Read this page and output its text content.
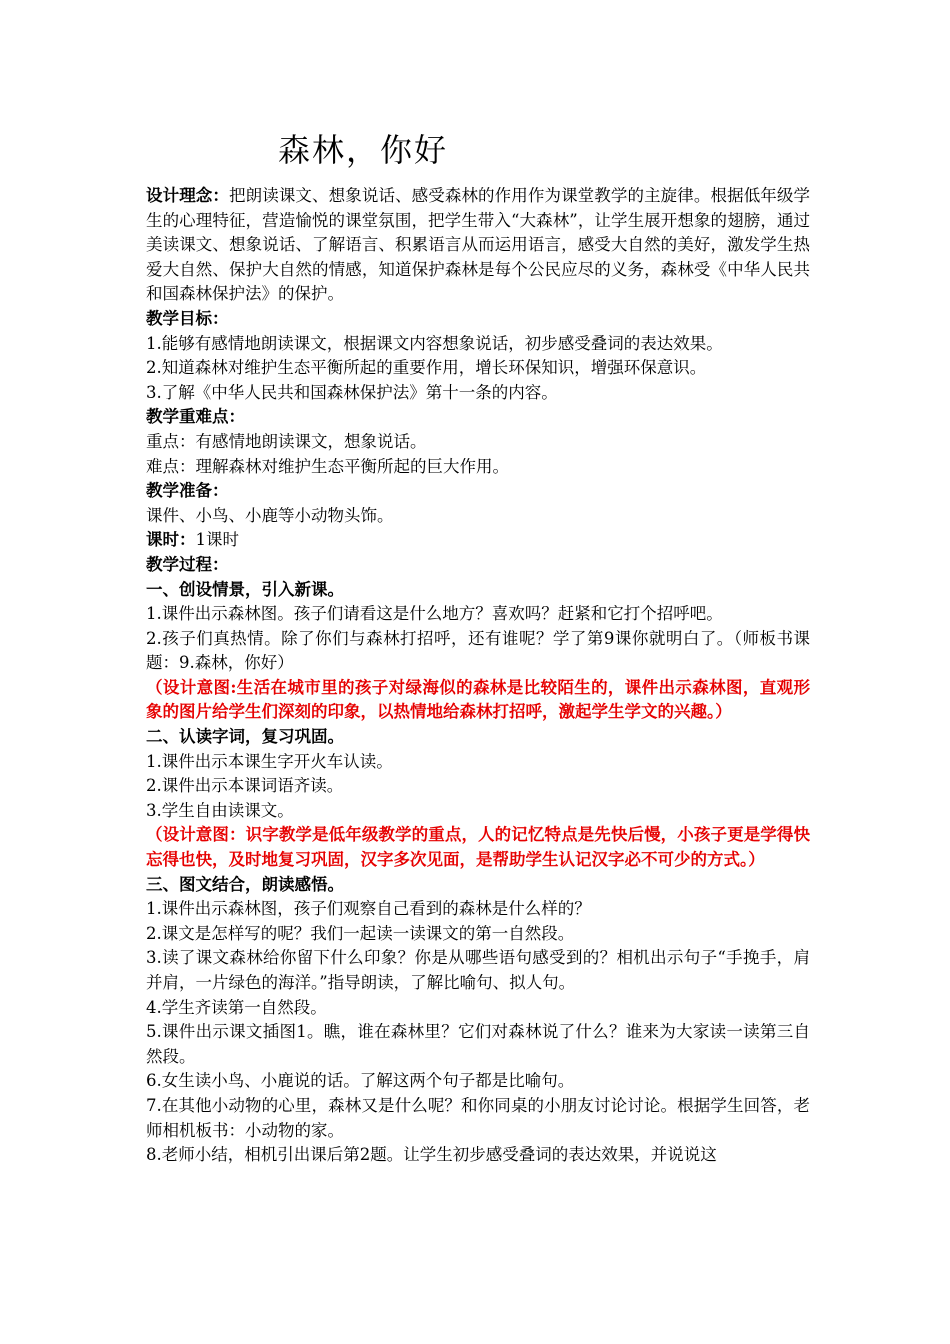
森林，你好

设计理念：把朗读课文、想象说话、感受森林的作用作为课堂教学的主旋律。根据低年级学生的心理特征，营造愉悦的课堂氛围，把学生带入“大森林”，让学生展开想象的翅膀，通过美读课文、想象说话、了解语言、积累语言从而运用语言，感受大自然的美好，激发学生热爱大自然、保护大自然的情感，知道保护森林是每个公民应尽的义务，森林受《中华人民共和国森林保护法》的保护。

教学目标：

1.能够有感情地朗读课文，根据课文内容想象说话，初步感受叠词的表达效果。

2.知道森林对维护生态平衡所起的重要作用，增长环保知识，增强环保意识。

3.了解《中华人民共和国森林保护法》第十一条的内容。

教学重难点：

重点：有感情地朗读课文，想象说话。

难点：理解森林对维护生态平衡所起的巨大作用。

教学准备：

课件、小鸟、小鹿等小动物头饰。

课时：1课时

教学过程：

一、创设情景，引入新课。

1.课件出示森林图。孩子们请看这是什么地方？喜欢吗？赶紧和它打个招呼吧。

2.孩子们真热情。除了你们与森林打招呼，还有谁呢？学了第9课你就明白了。（师板书课题：9.森林，你好）

（设计意图:生活在城市里的孩子对绿海似的森林是比较陌生的，课件出示森林图，直观形象的图片给学生们深刻的印象，以热情地给森林打招呼，激起学生学文的兴趣。）

二、认读字词，复习巩固。

1.课件出示本课生字开火车认读。

2.课件出示本课词语齐读。

3.学生自由读课文。

（设计意图：识字教学是低年级教学的重点，人的记忆特点是先快后慢，小孩子更是学得快忘得也快，及时地复习巩固，汉字多次见面，是帮助学生认记汉字必不可少的方式。）

三、图文结合，朗读感悟。

1.课件出示森林图，孩子们观察自己看到的森林是什么样的？

2.课文是怎样写的呢？我们一起读一读课文的第一自然段。

3.读了课文森林给你留下什么印象？你是从哪些语句感受到的？相机出示句子“手挽手，肩并肩，一片绿色的海洋。”指导朗读，了解比喻句、拟人句。

4.学生齐读第一自然段。

5.课件出示课文插图1。瞧，谁在森林里？它们对森林说了什么？谁来为大家读一读第三自然段。

6.女生读小鸟、小鹿说的话。了解这两个句子都是比喻句。

7.在其他小动物的心里，森林又是什么呢？和你同桌的小朋友讨论讨论。根据学生回答，老师相机板书：小动物的家。

8.老师小结，相机引出课后第2题。让学生初步感受叠词的表达效果，并说说这
